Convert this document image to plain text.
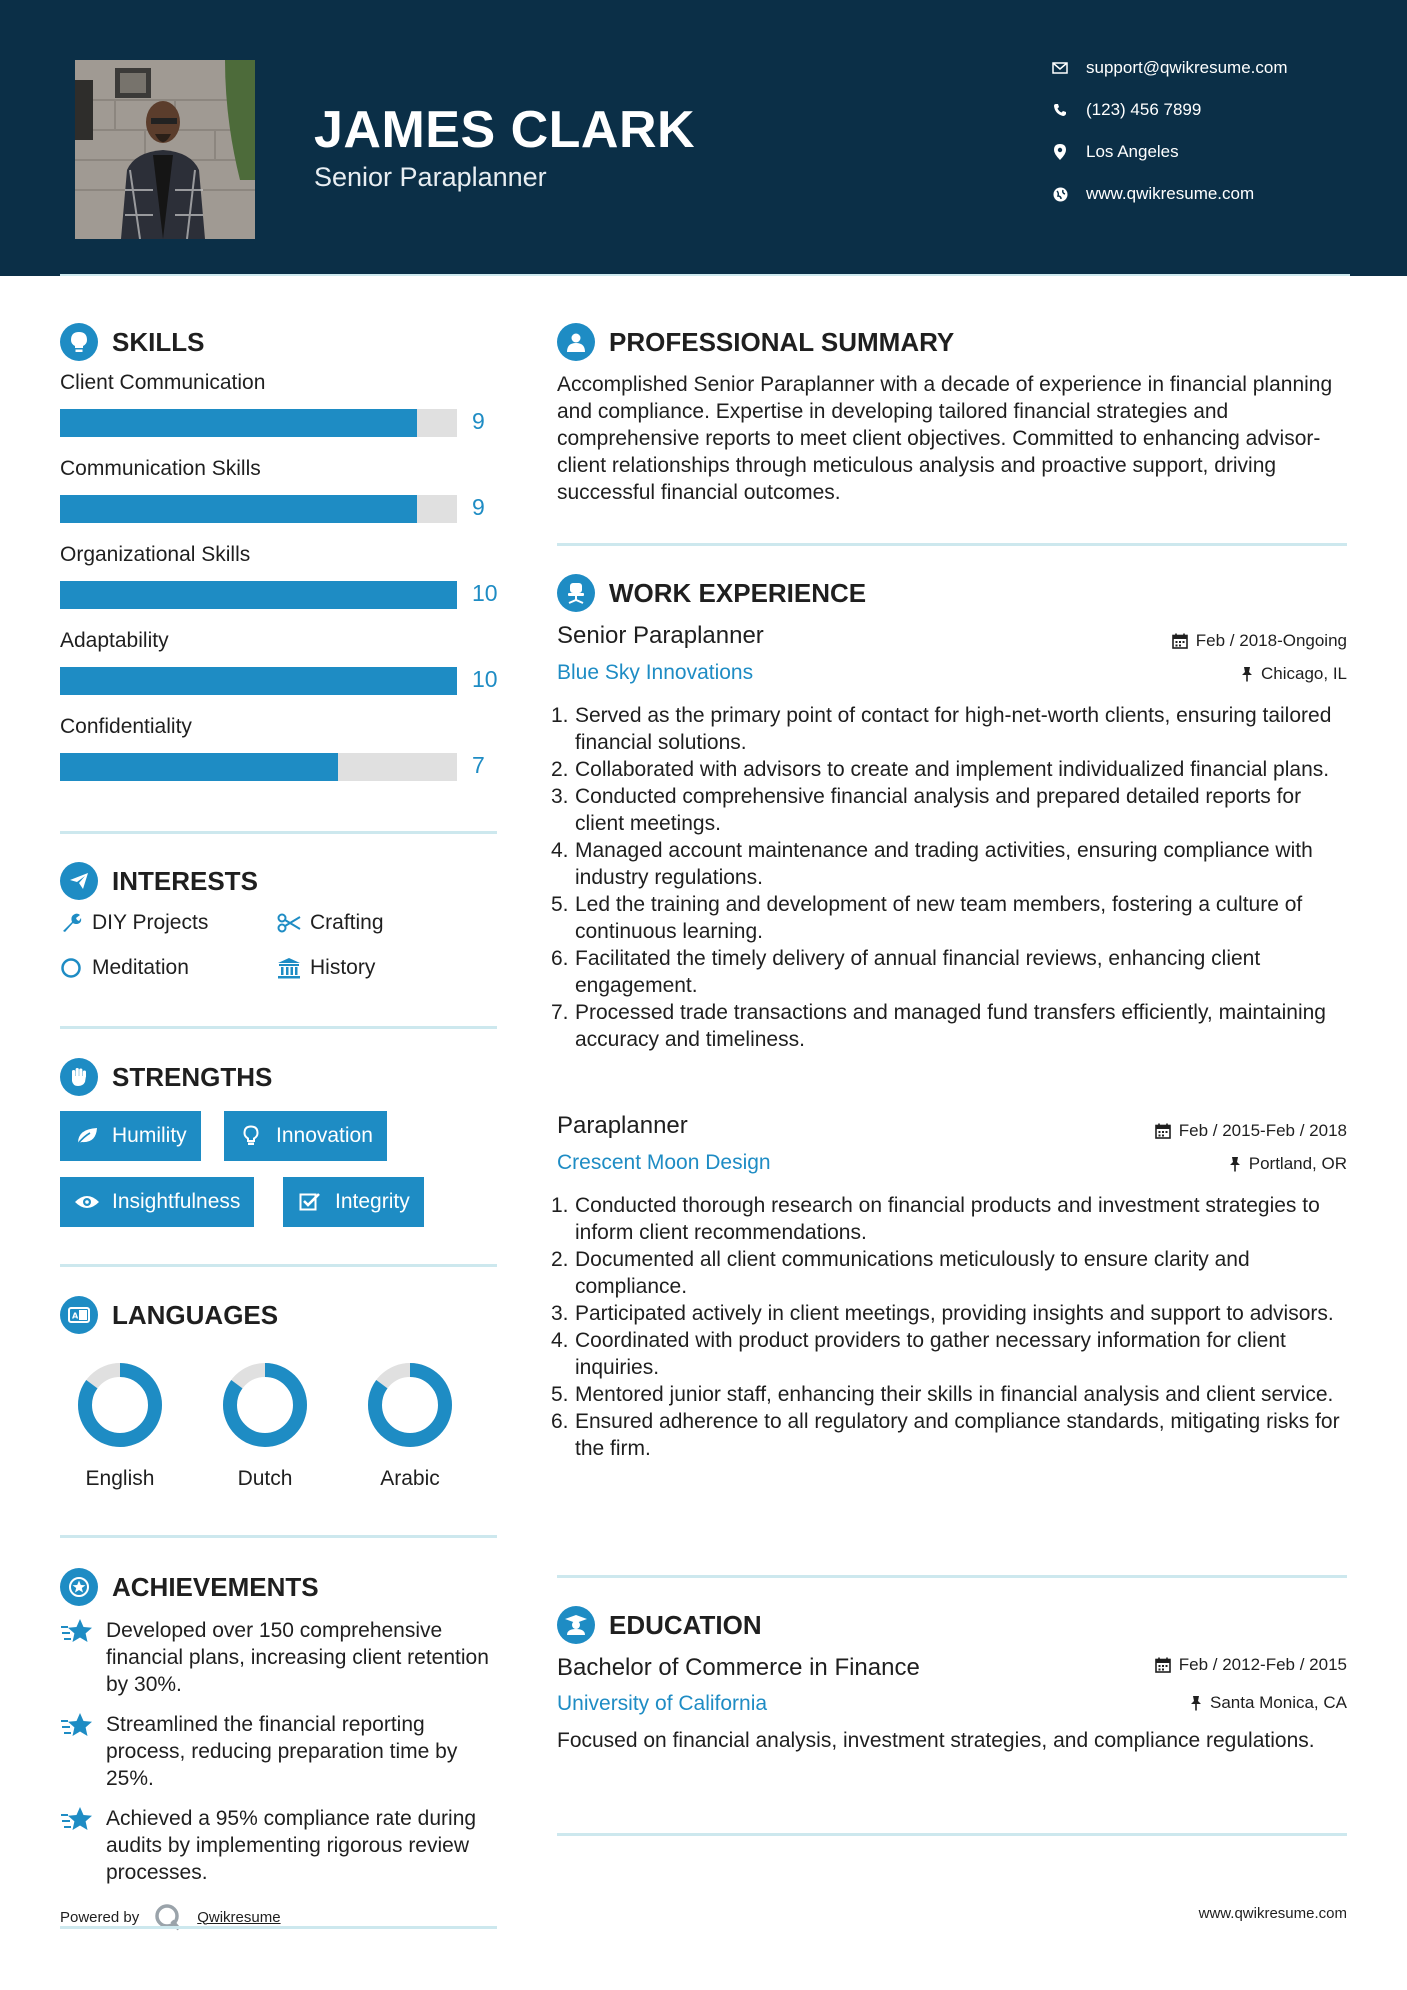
JAMES CLARK
Senior Paraplanner
support@qwikresume.com
(123) 456 7899
Los Angeles
www.qwikresume.com
SKILLS
Client Communication
9
Communication Skills
9
Organizational Skills
10
Adaptability
10
Confidentiality
7
INTERESTS
DIY Projects	Crafting
Meditation	History
STRENGTHS
Humility	Innovation
Insightfulness	Integrity
A LANGUAGES
English	Dutch	Arabic
ACHIEVEMENTS
Developed over 150 comprehensive financial plans, increasing client retention by 30%.
Streamlined the financial reporting process, reducing preparation time by 25%.
Achieved a 95% compliance rate during audits by implementing rigorous review processes.
Powered by	Qwikresume
PROFESSIONAL SUMMARY
Accomplished Senior Paraplanner with a decade of experience in financial planning and compliance. Expertise in developing tailored financial strategies and comprehensive reports to meet client objectives. Committed to enhancing advisor-client relationships through meticulous analysis and proactive support, driving successful financial outcomes.
WORK EXPERIENCE
Senior Paraplanner	Feb / 2018-Ongoing
Blue Sky Innovations	Chicago, IL
1. Served as the primary point of contact for high-net-worth clients, ensuring tailored financial solutions.
2. Collaborated with advisors to create and implement individualized financial plans.
3. Conducted comprehensive financial analysis and prepared detailed reports for client meetings.
4. Managed account maintenance and trading activities, ensuring compliance with industry regulations.
5. Led the training and development of new team members, fostering a culture of continuous learning.
6. Facilitated the timely delivery of annual financial reviews, enhancing client engagement.
7. Processed trade transactions and managed fund transfers efficiently, maintaining accuracy and timeliness.
Paraplanner	Feb / 2015-Feb / 2018
Crescent Moon Design	Portland, OR
1. Conducted thorough research on financial products and investment strategies to inform client recommendations.
2. Documented all client communications meticulously to ensure clarity and compliance.
3. Participated actively in client meetings, providing insights and support to advisors.
4. Coordinated with product providers to gather necessary information for client inquiries.
5. Mentored junior staff, enhancing their skills in financial analysis and client service.
6. Ensured adherence to all regulatory and compliance standards, mitigating risks for the firm.
EDUCATION
Bachelor of Commerce in Finance	Feb / 2012-Feb / 2015
University of California	Santa Monica, CA
Focused on financial analysis, investment strategies, and compliance regulations.
www.qwikresume.com
